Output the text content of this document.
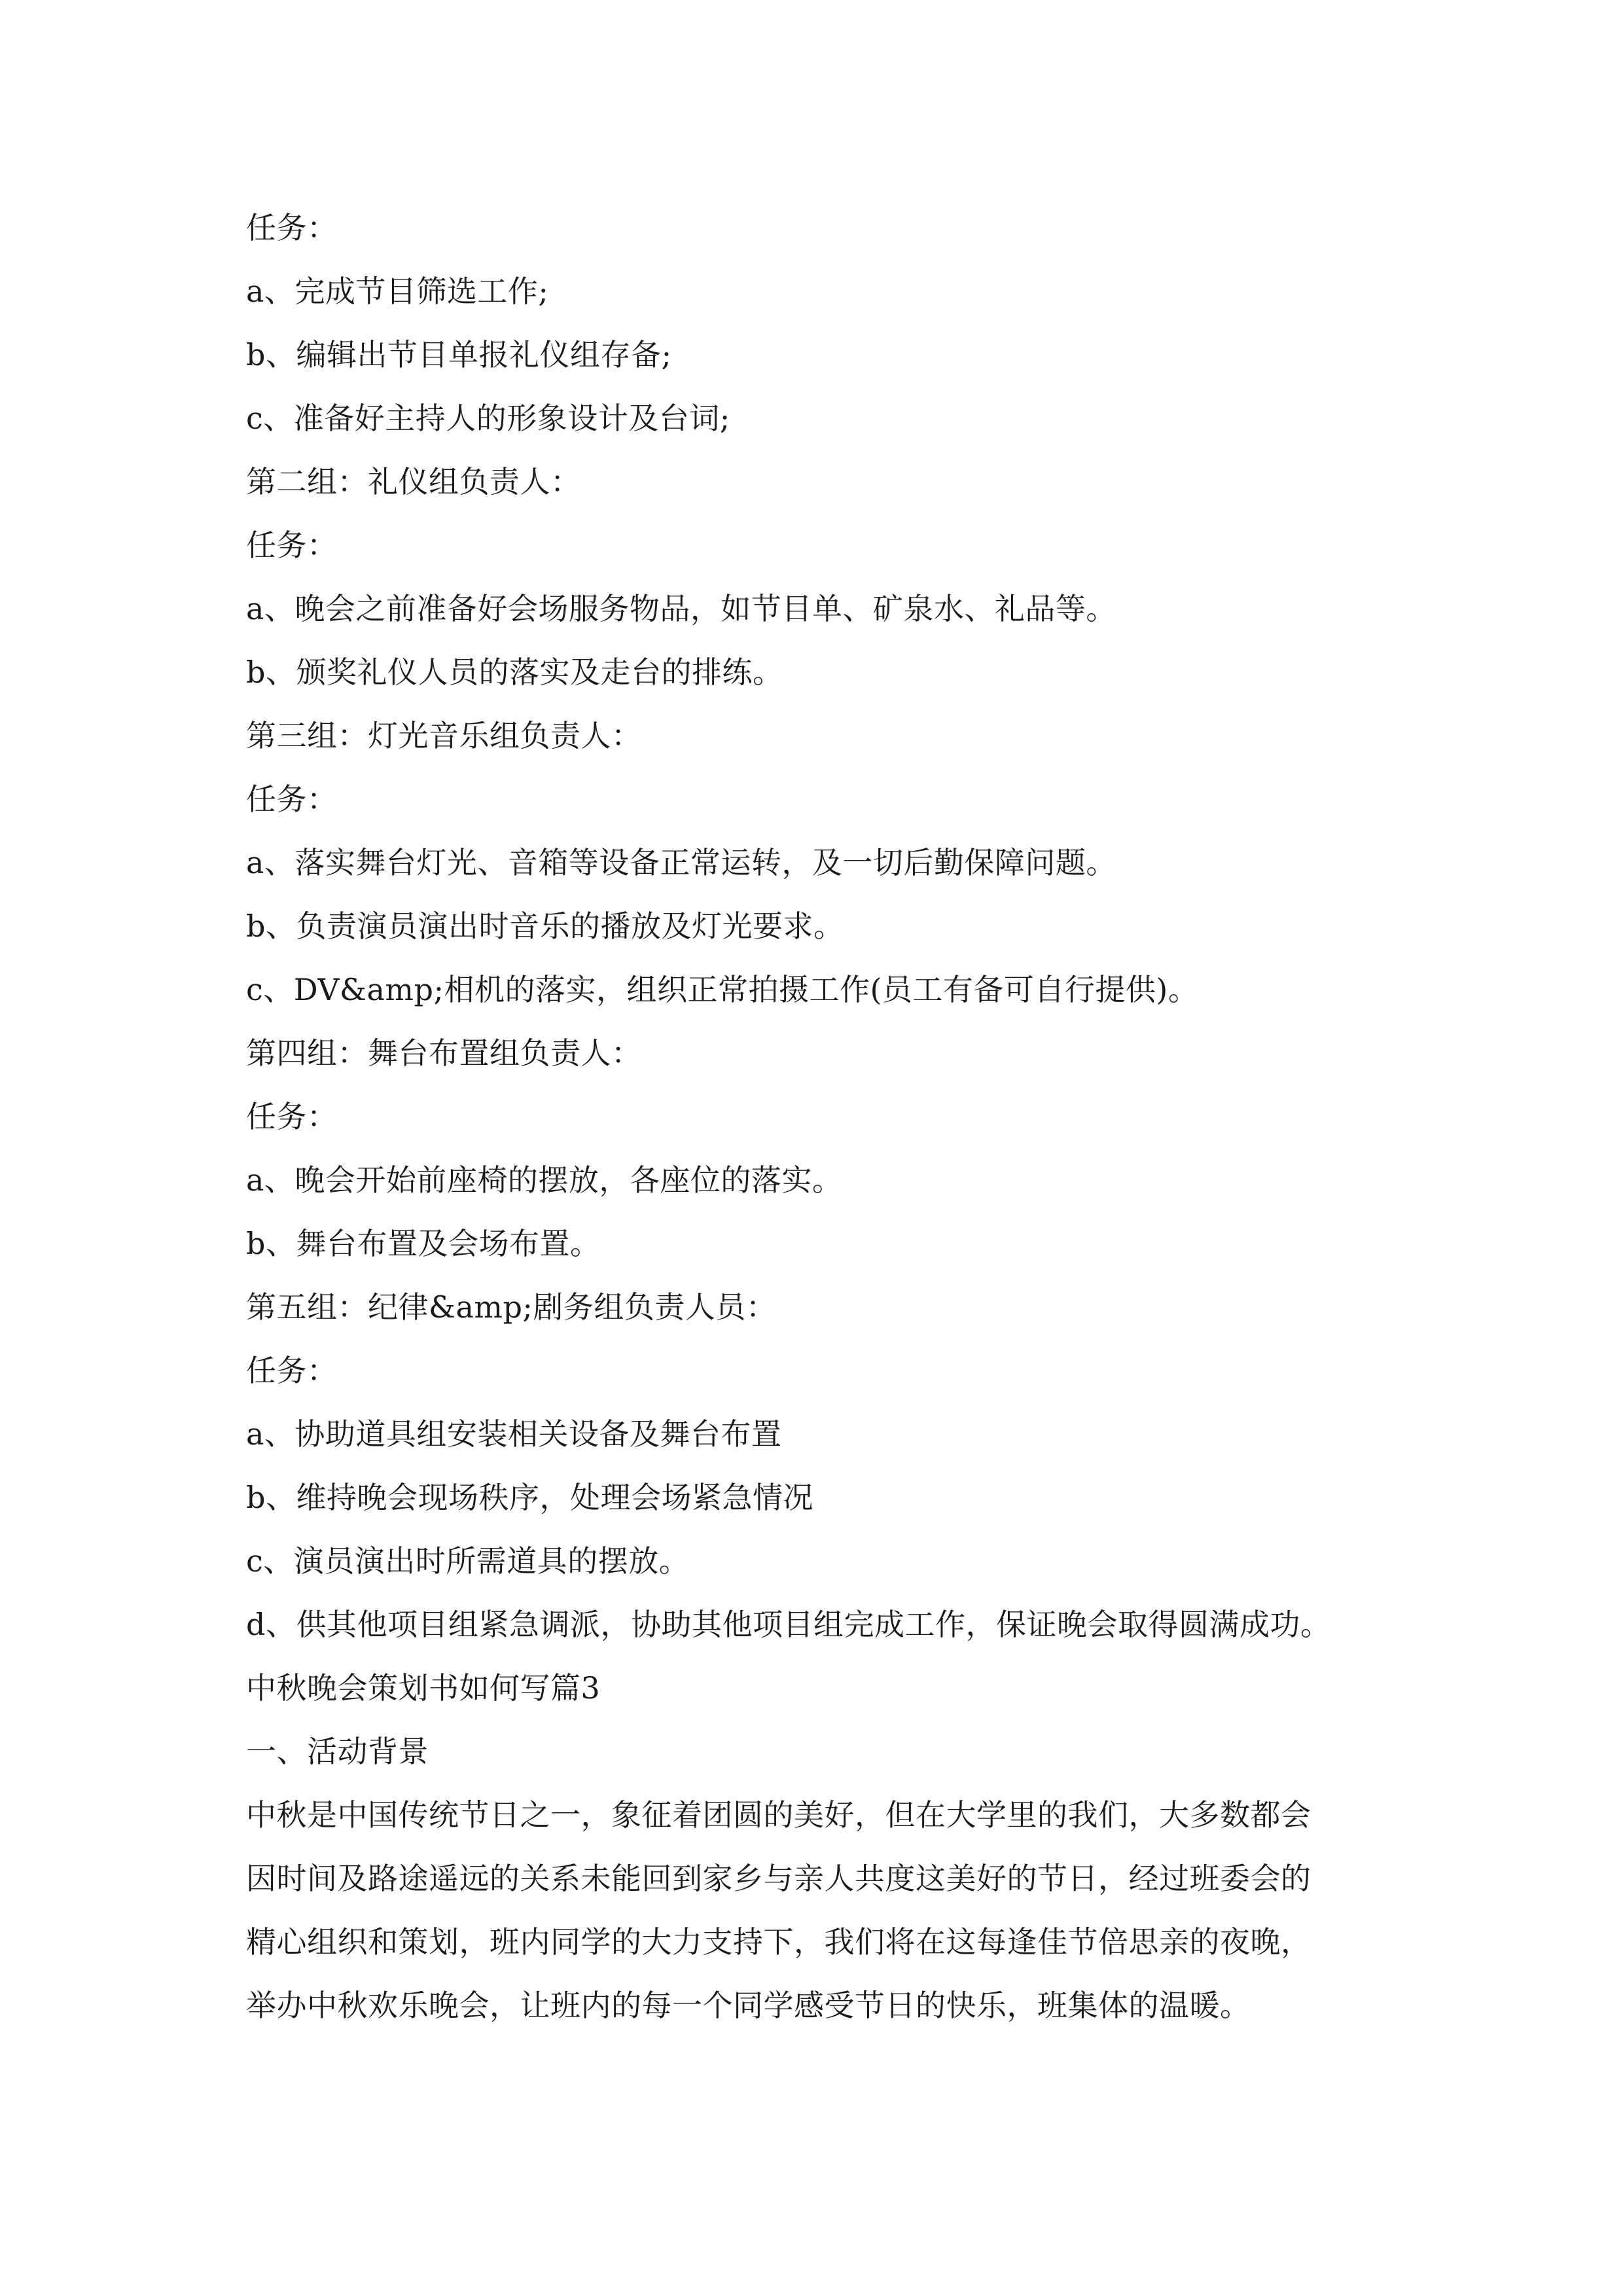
任务：
a、完成节目筛选工作;
b、编辑出节目单报礼仪组存备;
c、准备好主持人的形象设计及台词;
第二组：礼仪组负责人：
任务：
a、晚会之前准备好会场服务物品，如节目单、矿泉水、礼品等。
b、颁奖礼仪人员的落实及走台的排练。
第三组：灯光音乐组负责人：
任务：
a、落实舞台灯光、音箱等设备正常运转，及一切后勤保障问题。
b、负责演员演出时音乐的播放及灯光要求。
c、DV&amp;相机的落实，组织正常拍摄工作(员工有备可自行提供)。
第四组：舞台布置组负责人：
任务：
a、晚会开始前座椅的摆放，各座位的落实。
b、舞台布置及会场布置。
第五组：纪律&amp;剧务组负责人员：
任务：
a、协助道具组安装相关设备及舞台布置
b、维持晚会现场秩序，处理会场紧急情况
c、演员演出时所需道具的摆放。
d、供其他项目组紧急调派，协助其他项目组完成工作，保证晚会取得圆满成功。
中秋晚会策划书如何写篇3
一、活动背景
中秋是中国传统节日之一，象征着团圆的美好，但在大学里的我们，大多数都会
因时间及路途遥远的关系未能回到家乡与亲人共度这美好的节日，经过班委会的
精心组织和策划，班内同学的大力支持下，我们将在这每逢佳节倍思亲的夜晚，
举办中秋欢乐晚会，让班内的每一个同学感受节日的快乐，班集体的温暖。
